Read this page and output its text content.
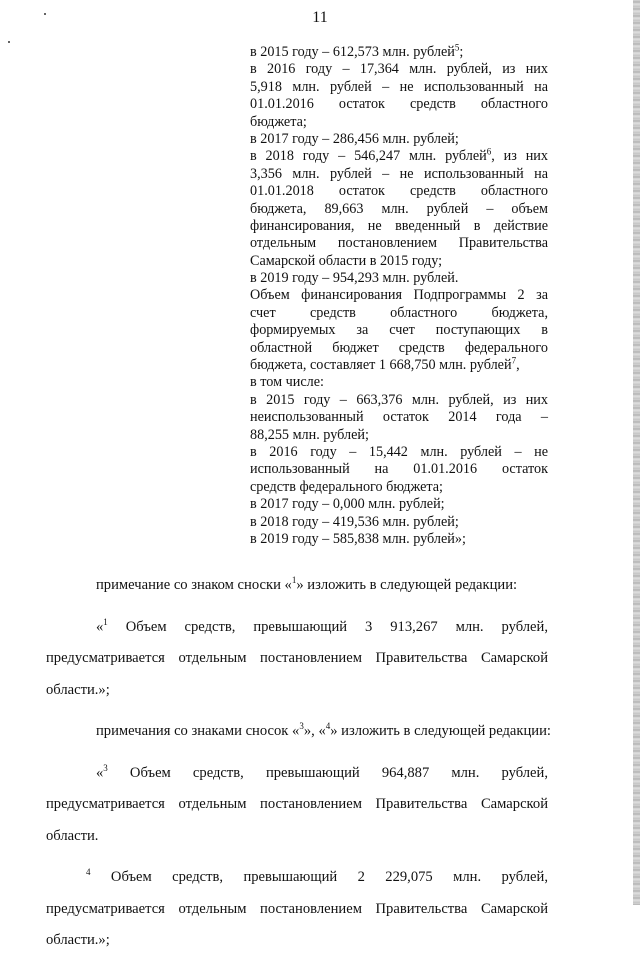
11
в 2015 году – 612,573 млн. рублей$^5$;
в 2016 году – 17,364 млн. рублей, из них
5,918 млн. рублей – не использованный на
01.01.2016 остаток средств областного
бюджета;
в 2017 году – 286,456 млн. рублей;
в 2018 году – 546,247 млн. рублей$^6$, из них
3,356 млн. рублей – не использованный на
01.01.2018 остаток средств областного
бюджета, 89,663 млн. рублей – объем
финансирования, не введенный в действие
отдельным постановлением Правительства
Самарской области в 2015 году;
в 2019 году – 954,293 млн. рублей.
Объем финансирования Подпрограммы 2 за
счет средств областного бюджета,
формируемых за счет поступающих в
областной бюджет средств федерального
бюджета, составляет 1 668,750 млн. рублей$^7$,
в том числе:
в 2015 году – 663,376 млн. рублей, из них
неиспользованный остаток 2014 года –
88,255 млн. рублей;
в 2016 году – 15,442 млн. рублей – не
использованный на 01.01.2016 остаток
средств федерального бюджета;
в 2017 году – 0,000 млн. рублей;
в 2018 году – 419,536 млн. рублей;
в 2019 году – 585,838 млн. рублей»;
примечание со знаком сноски «$^1$» изложить в следующей редакции:
«$^1$ Объем средств, превышающий 3 913,267 млн. рублей,
предусматривается отдельным постановлением Правительства Самарской
области.»;
примечания со знаками сносок «$^3$», «$^4$» изложить в следующей редакции:
«$^3$ Объем средств, превышающий 964,887 млн. рублей,
предусматривается отдельным постановлением Правительства Самарской
области.
$^4$ Объем средств, превышающий 2 229,075 млн. рублей,
предусматривается отдельным постановлением Правительства Самарской
области.»;
